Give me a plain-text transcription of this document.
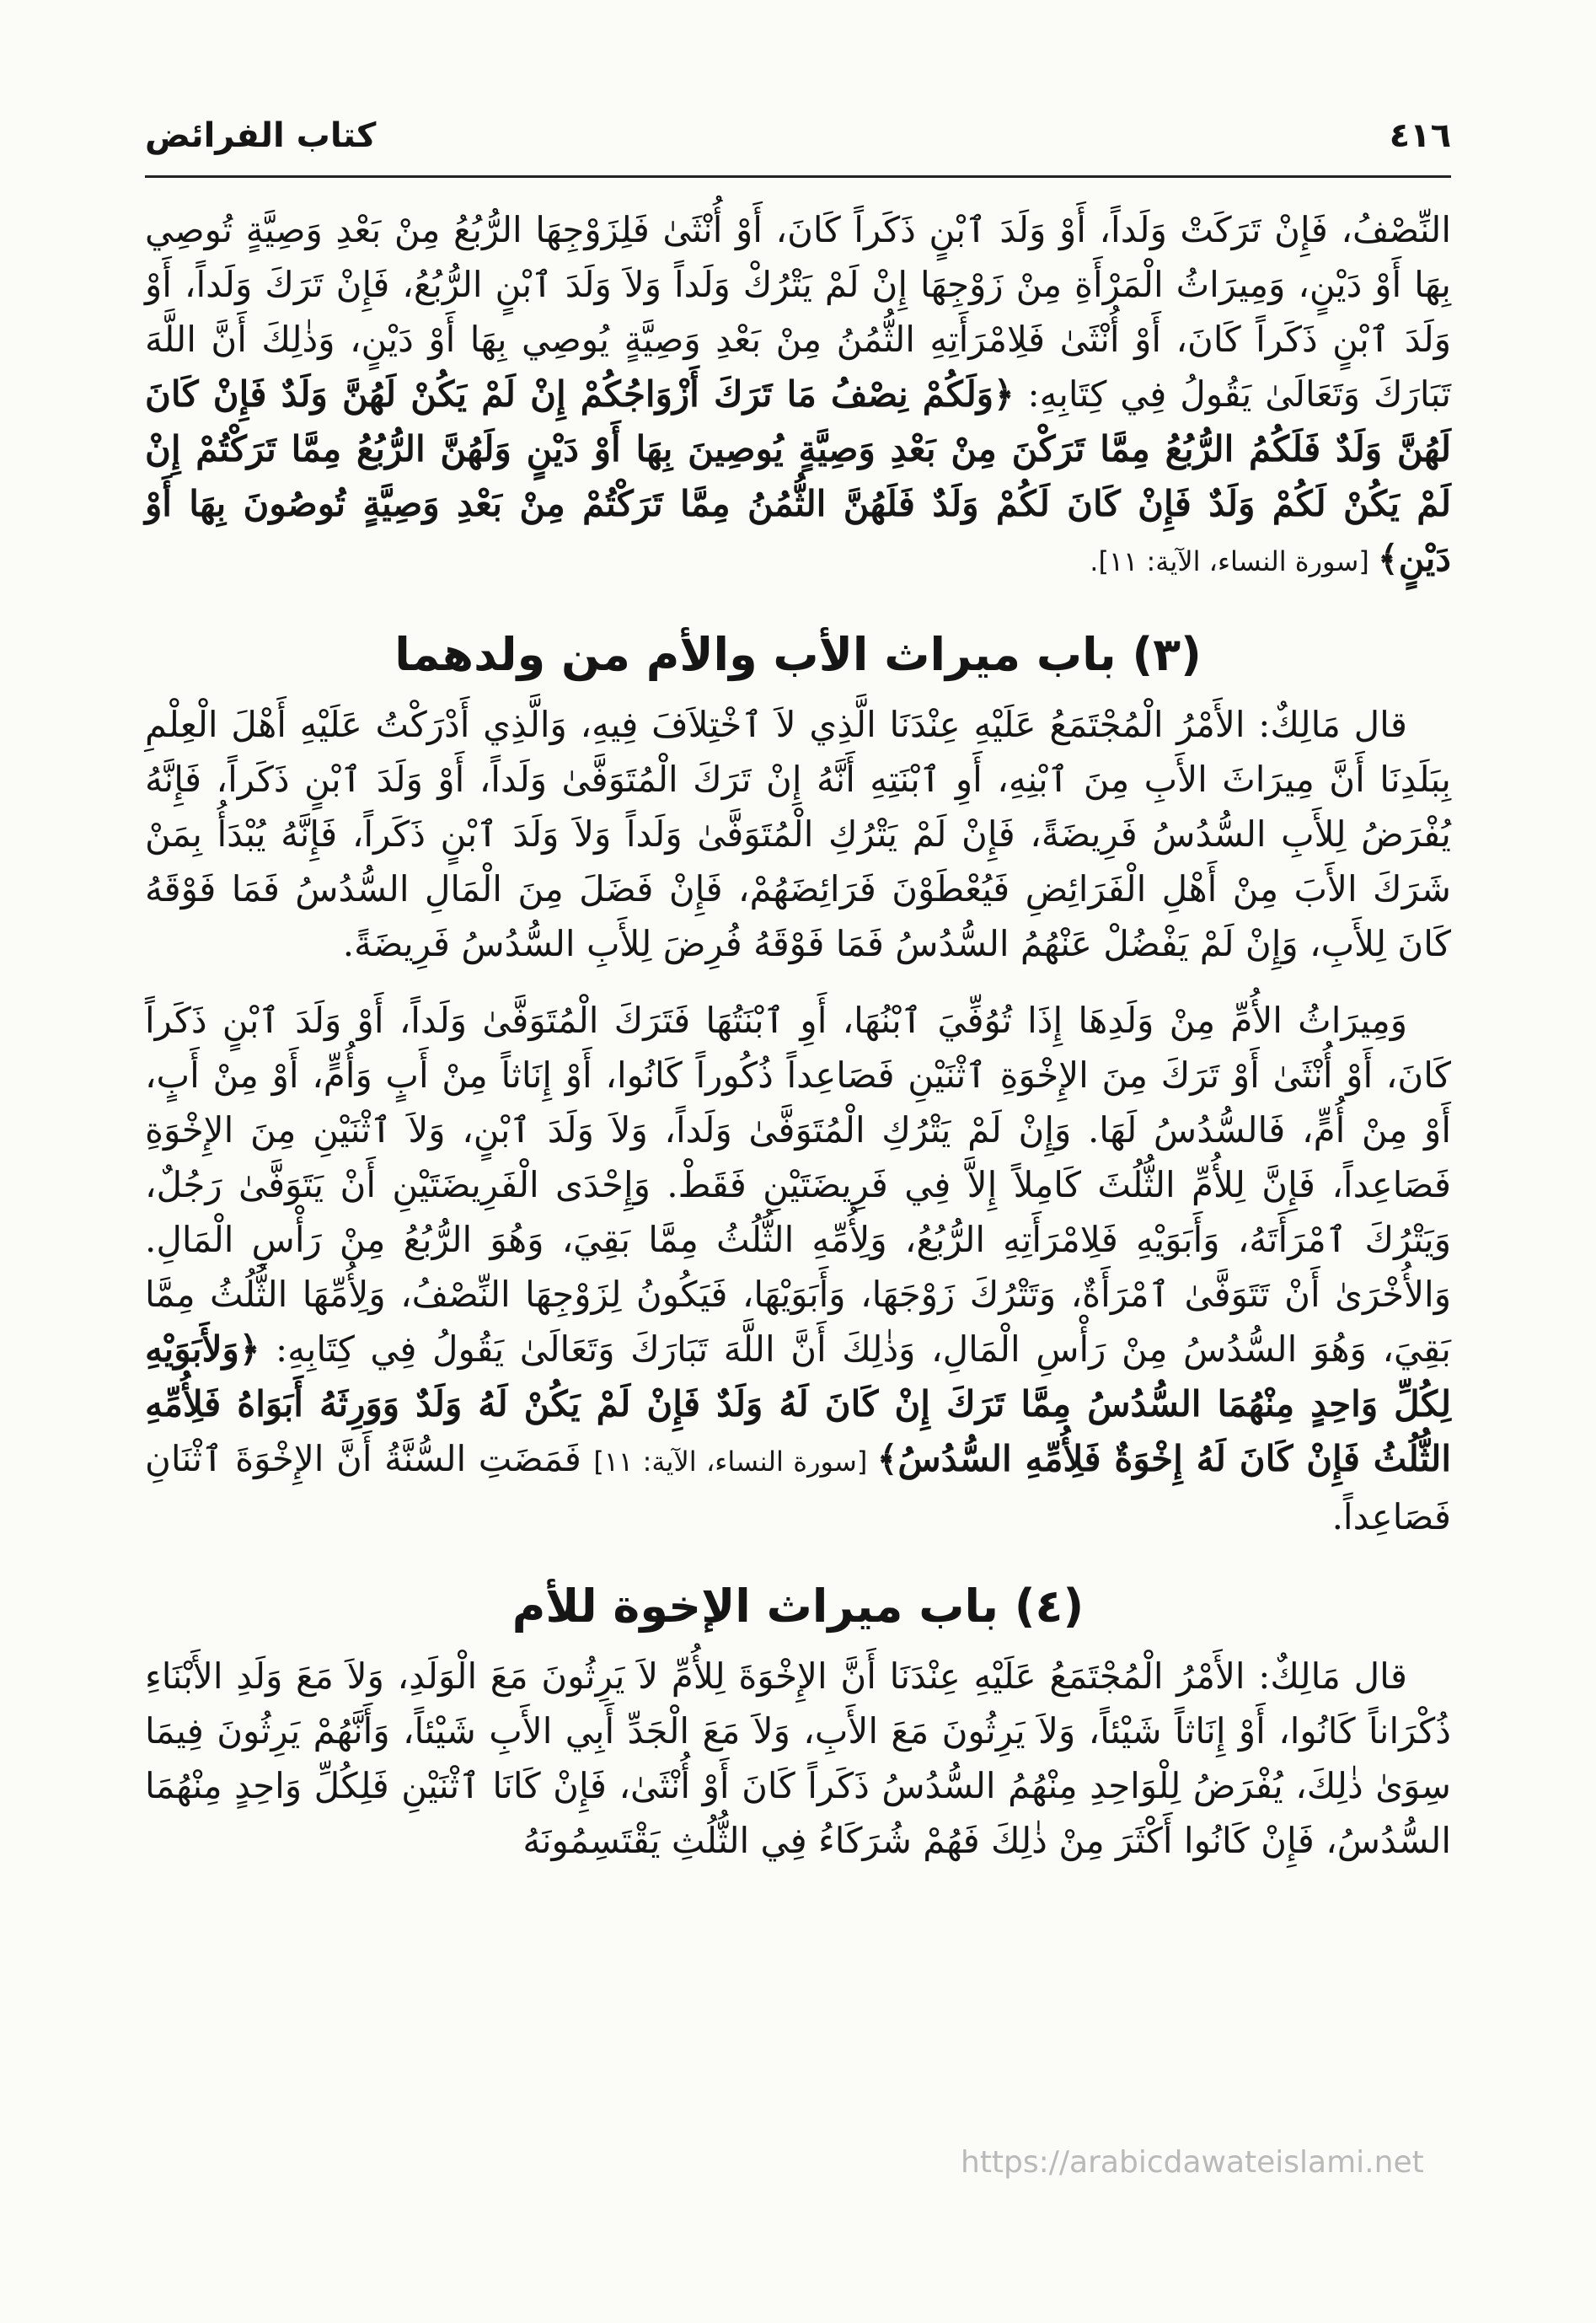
٤١٦
كتاب الفرائض

النِّصْفُ، فَإِنْ تَرَكَتْ وَلَداً، أَوْ وَلَدَ ٱبْنٍ ذَكَراً كَانَ، أَوْ أُنْثَىٰ فَلِزَوْجِهَا الرُّبُعُ مِنْ بَعْدِ وَصِيَّةٍ تُوصِي بِهَا أَوْ دَيْنٍ، وَمِيرَاثُ الْمَرْأَةِ مِنْ زَوْجِهَا إِنْ لَمْ يَتْرُكْ وَلَداً وَلاَ وَلَدَ ٱبْنٍ الرُّبُعُ، فَإِنْ تَرَكَ وَلَداً، أَوْ وَلَدَ ٱبْنٍ ذَكَراً كَانَ، أَوْ أُنْثَىٰ فَلِامْرَأَتِهِ الثُّمُنُ مِنْ بَعْدِ وَصِيَّةٍ يُوصِي بِهَا أَوْ دَيْنٍ، وَذٰلِكَ أَنَّ اللَّهَ تَبَارَكَ وَتَعَالَىٰ يَقُولُ فِي كِتَابِهِ: ﴿وَلَكُمْ نِصْفُ مَا تَرَكَ أَزْوَاجُكُمْ إِنْ لَمْ يَكُنْ لَهُنَّ وَلَدٌ فَإِنْ كَانَ لَهُنَّ وَلَدٌ فَلَكُمُ الرُّبُعُ مِمَّا تَرَكْنَ مِنْ بَعْدِ وَصِيَّةٍ يُوصِينَ بِهَا أَوْ دَيْنٍ وَلَهُنَّ الرُّبُعُ مِمَّا تَرَكْتُمْ إِنْ لَمْ يَكُنْ لَكُمْ وَلَدٌ فَإِنْ كَانَ لَكُمْ وَلَدٌ فَلَهُنَّ الثُّمُنُ مِمَّا تَرَكْتُمْ مِنْ بَعْدِ وَصِيَّةٍ تُوصُونَ بِهَا أَوْ دَيْنٍ﴾ [سورة النساء، الآية: ١١].

(٣) باب ميراث الأب والأم من ولدهما

قال مَالِكٌ: الأَمْرُ الْمُجْتَمَعُ عَلَيْهِ عِنْدَنَا الَّذِي لاَ ٱخْتِلاَفَ فِيهِ، وَالَّذِي أَدْرَكْتُ عَلَيْهِ أَهْلَ الْعِلْمِ بِبَلَدِنَا أَنَّ مِيرَاثَ الأَبِ مِنَ ٱبْنِهِ، أَوِ ٱبْنَتِهِ أَنَّهُ إِنْ تَرَكَ الْمُتَوَفَّىٰ وَلَداً، أَوْ وَلَدَ ٱبْنٍ ذَكَراً، فَإِنَّهُ يُفْرَضُ لِلأَبِ السُّدُسُ فَرِيضَةً، فَإِنْ لَمْ يَتْرُكِ الْمُتَوَفَّىٰ وَلَداً وَلاَ وَلَدَ ٱبْنٍ ذَكَراً، فَإِنَّهُ يُبْدَأُ بِمَنْ شَرَكَ الأَبَ مِنْ أَهْلِ الْفَرَائِضِ فَيُعْطَوْنَ فَرَائِضَهُمْ، فَإِنْ فَضَلَ مِنَ الْمَالِ السُّدُسُ فَمَا فَوْقَهُ كَانَ لِلأَبِ، وَإِنْ لَمْ يَفْضُلْ عَنْهُمُ السُّدُسُ فَمَا فَوْقَهُ فُرِضَ لِلأَبِ السُّدُسُ فَرِيضَةً.

وَمِيرَاثُ الأُمِّ مِنْ وَلَدِهَا إِذَا تُوُفِّيَ ٱبْنُهَا، أَوِ ٱبْنَتُهَا فَتَرَكَ الْمُتَوَفَّىٰ وَلَداً، أَوْ وَلَدَ ٱبْنٍ ذَكَراً كَانَ، أَوْ أُنْثَىٰ أَوْ تَرَكَ مِنَ الإِخْوَةِ ٱثْنَيْنِ فَصَاعِداً ذُكُوراً كَانُوا، أَوْ إِنَاثاً مِنْ أَبٍ وَأُمٍّ، أَوْ مِنْ أَبٍ، أَوْ مِنْ أُمٍّ، فَالسُّدُسُ لَهَا. وَإِنْ لَمْ يَتْرُكِ الْمُتَوَفَّىٰ وَلَداً، وَلاَ وَلَدَ ٱبْنٍ، وَلاَ ٱثْنَيْنِ مِنَ الإِخْوَةِ فَصَاعِداً، فَإِنَّ لِلأُمِّ الثُّلُثَ كَامِلاً إِلاَّ فِي فَرِيضَتَيْنِ فَقَطْ. وَإِحْدَى الْفَرِيضَتَيْنِ أَنْ يَتَوَفَّىٰ رَجُلٌ، وَيَتْرُكَ ٱمْرَأَتَهُ، وَأَبَوَيْهِ فَلِامْرَأَتِهِ الرُّبُعُ، وَلِأُمِّهِ الثُّلُثُ مِمَّا بَقِيَ، وَهُوَ الرُّبُعُ مِنْ رَأْسِ الْمَالِ. وَالأُخْرَىٰ أَنْ تَتَوَفَّىٰ ٱمْرَأَةٌ، وَتَتْرُكَ زَوْجَهَا، وَأَبَوَيْهَا، فَيَكُونُ لِزَوْجِهَا النِّصْفُ، وَلِأُمِّهَا الثُّلُثُ مِمَّا بَقِيَ، وَهُوَ السُّدُسُ مِنْ رَأْسِ الْمَالِ، وَذٰلِكَ أَنَّ اللَّهَ تَبَارَكَ وَتَعَالَىٰ يَقُولُ فِي كِتَابِهِ: ﴿وَلأَبَوَيْهِ لِكُلِّ وَاحِدٍ مِنْهُمَا السُّدُسُ مِمَّا تَرَكَ إِنْ كَانَ لَهُ وَلَدٌ فَإِنْ لَمْ يَكُنْ لَهُ وَلَدٌ وَوَرِثَهُ أَبَوَاهُ فَلِأُمِّهِ الثُّلُثُ فَإِنْ كَانَ لَهُ إِخْوَةٌ فَلِأُمِّهِ السُّدُسُ﴾ [سورة النساء، الآية: ١١] فَمَضَتِ السُّنَّةُ أَنَّ الإِخْوَةَ ٱثْنَانِ فَصَاعِداً.

(٤) باب ميراث الإخوة للأم

قال مَالِكٌ: الأَمْرُ الْمُجْتَمَعُ عَلَيْهِ عِنْدَنَا أَنَّ الإِخْوَةَ لِلأُمِّ لاَ يَرِثُونَ مَعَ الْوَلَدِ، وَلاَ مَعَ وَلَدِ الأَبْنَاءِ ذُكْرَاناً كَانُوا، أَوْ إِنَاثاً شَيْئاً، وَلاَ يَرِثُونَ مَعَ الأَبِ، وَلاَ مَعَ الْجَدِّ أَبِي الأَبِ شَيْئاً، وَأَنَّهُمْ يَرِثُونَ فِيمَا سِوَىٰ ذٰلِكَ، يُفْرَضُ لِلْوَاحِدِ مِنْهُمُ السُّدُسُ ذَكَراً كَانَ أَوْ أُنْثَىٰ، فَإِنْ كَانَا ٱثْنَيْنِ فَلِكُلِّ وَاحِدٍ مِنْهُمَا السُّدُسُ، فَإِنْ كَانُوا أَكْثَرَ مِنْ ذٰلِكَ فَهُمْ شُرَكَاءُ فِي الثُّلُثِ يَقْتَسِمُونَهُ

https://arabicdawateislami.net
